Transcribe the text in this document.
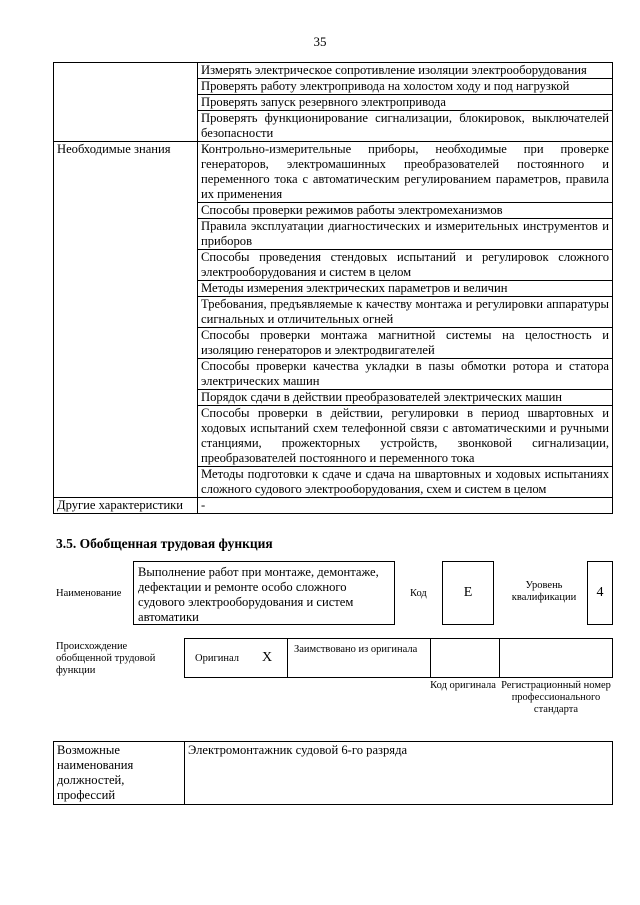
35
	Измерять электрическое сопротивление изоляции электрооборудования
	Проверять работу электропривода на холостом ходу и под нагрузкой
	Проверять запуск резервного электропривода
	Проверять функционирование сигнализации, блокировок, выключателей безопасности
Необходимые знания	Контрольно-измерительные приборы, необходимые при проверке генераторов, электромашинных преобразователей постоянного и переменного тока с автоматическим регулированием параметров, правила их применения
	Способы проверки режимов работы электромеханизмов
	Правила эксплуатации диагностических и измерительных инструментов и приборов
	Способы проведения стендовых испытаний и регулировок сложного электрооборудования и систем в целом
	Методы измерения электрических параметров и величин
	Требования, предъявляемые к качеству монтажа и регулировки аппаратуры сигнальных и отличительных огней
	Способы проверки монтажа магнитной системы на целостность и изоляцию генераторов и электродвигателей
	Способы проверки качества укладки в пазы обмотки ротора и статора электрических машин
	Порядок сдачи в действии преобразователей электрических машин
	Способы проверки в действии, регулировки в период швартовных и ходовых испытаний схем телефонной связи с автоматическими и ручными станциями, прожекторных устройств, звонковой сигнализации, преобразователей постоянного и переменного тока
	Методы подготовки к сдаче и сдача на швартовных и ходовых испытаниях сложного судового электрооборудования, схем и систем в целом
Другие характеристики	-
3.5. Обобщенная трудовая функция
Наименование
Выполнение работ при монтаже, демонтаже, дефектации и ремонте особо сложного судового электрооборудования и систем автоматики
Код	E	Уровень квалификации	4
Происхождение обобщенной трудовой функции
Оригинал X
Заимствовано из оригинала
Код оригинала Регистрационный номер профессионального стандарта
Возможные наименования должностей, профессий	Электромонтажник судовой 6-го разряда
